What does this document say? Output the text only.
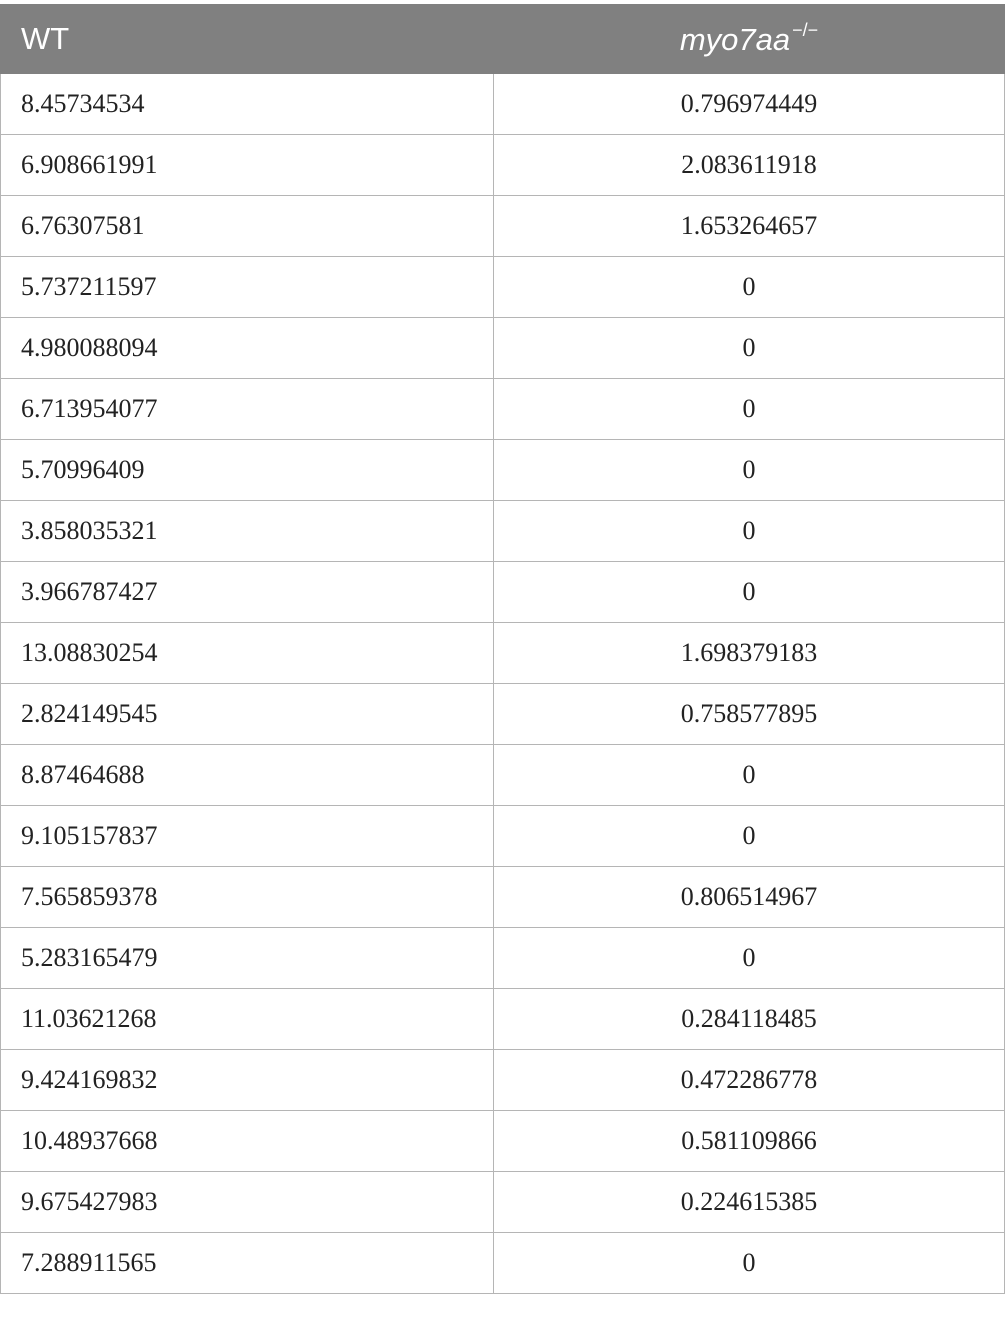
WT	myo7aa −/−
8.45734534	0.796974449
6.908661991	2.083611918
6.76307581	1.653264657
5.737211597	0
4.980088094	0
6.713954077	0
5.70996409	0
3.858035321	0
3.966787427	0
13.08830254	1.698379183
2.824149545	0.758577895
8.87464688	0
9.105157837	0
7.565859378	0.806514967
5.283165479	0
11.03621268	0.284118485
9.424169832	0.472286778
10.48937668	0.581109866
9.675427983	0.224615385
7.288911565	0
